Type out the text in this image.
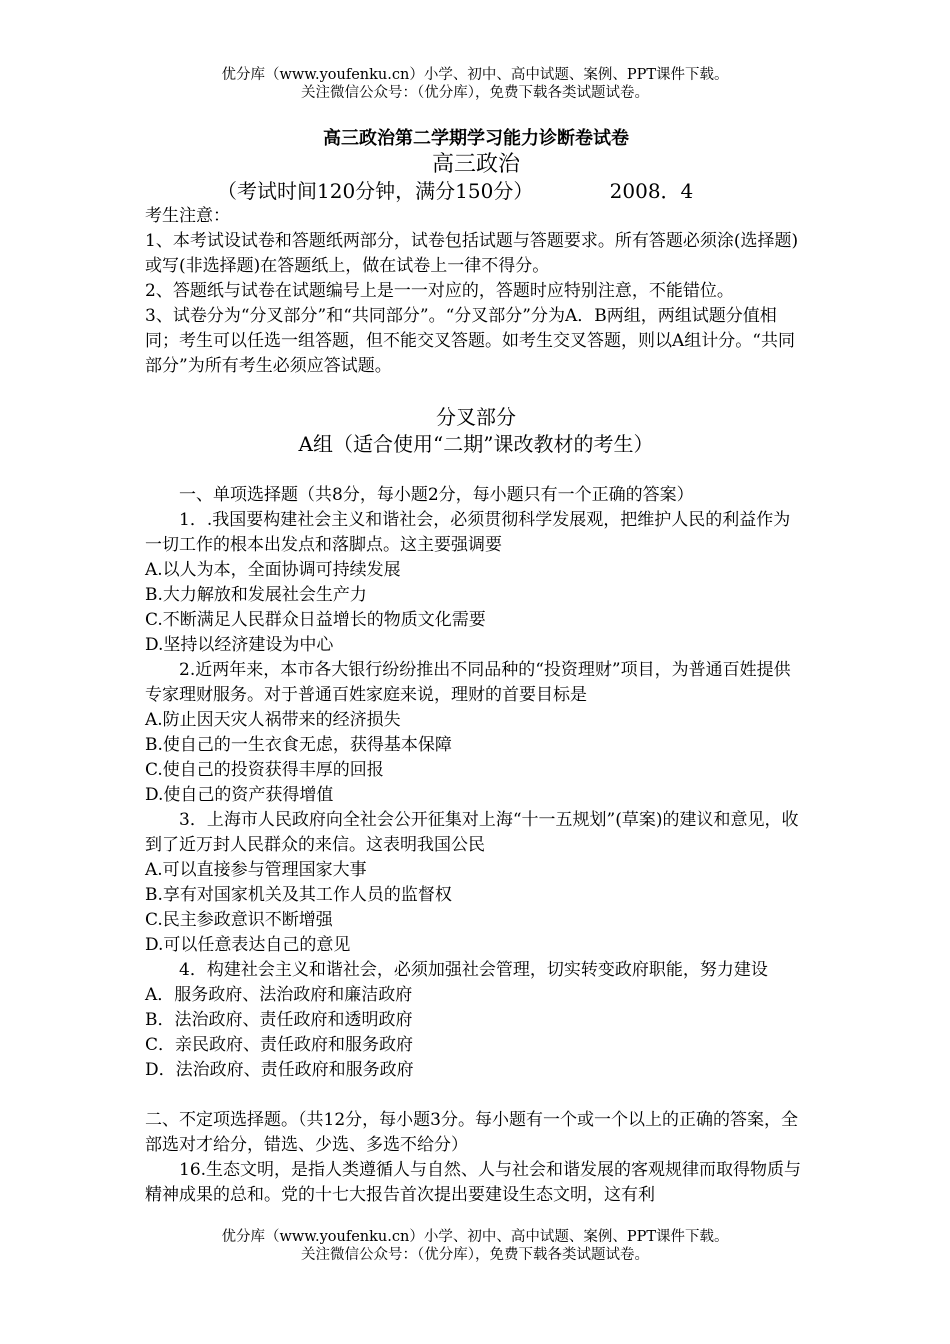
优分库（www.youfenku.cn）小学、初中、高中试题、案例、PPT课件下载。
关注微信公众号：（优分库），免费下载各类试题试卷。
高三政治第二学期学习能力诊断卷试卷
高三政治
（考试时间120分钟，满分150分）	2008．4
考生注意：
1、本考试设试卷和答题纸两部分，试卷包括试题与答题要求。所有答题必须涂(选择题)或写(非选择题)在答题纸上，做在试卷上一律不得分。
2、答题纸与试卷在试题编号上是一一对应的，答题时应特别注意，不能错位。
3、试卷分为“分叉部分”和“共同部分”。“分叉部分”分为A．B两组，两组试题分值相同；考生可以任选一组答题，但不能交叉答题。如考生交叉答题，则以A组计分。“共同部分”为所有考生必须应答试题。
分叉部分
A组（适合使用“二期”课改教材的考生）
一、单项选择题（共8分，每小题2分，每小题只有一个正确的答案）
1．.我国要构建社会主义和谐社会，必须贯彻科学发展观，把维护人民的利益作为一切工作的根本出发点和落脚点。这主要强调要
A.以人为本，全面协调可持续发展
B.大力解放和发展社会生产力
C.不断满足人民群众日益增长的物质文化需要
D.坚持以经济建设为中心
2.近两年来，本市各大银行纷纷推出不同品种的“投资理财”项目，为普通百姓提供专家理财服务。对于普通百姓家庭来说，理财的首要目标是
A.防止因天灾人祸带来的经济损失
B.使自己的一生衣食无虑，获得基本保障
C.使自己的投资获得丰厚的回报
D.使自己的资产获得增值
3．上海市人民政府向全社会公开征集对上海“十一五规划”(草案)的建议和意见，收到了近万封人民群众的来信。这表明我国公民
A.可以直接参与管理国家大事
B.享有对国家机关及其工作人员的监督权
C.民主参政意识不断增强
D.可以任意表达自己的意见
4．构建社会主义和谐社会，必须加强社会管理，切实转变政府职能，努力建设
A．服务政府、法治政府和廉洁政府
B．法治政府、责任政府和透明政府
C．亲民政府、责任政府和服务政府
D．法治政府、责任政府和服务政府
二、不定项选择题。（共12分，每小题3分。每小题有一个或一个以上的正确的答案，全部选对才给分，错选、少选、多选不给分）
16.生态文明，是指人类遵循人与自然、人与社会和谐发展的客观规律而取得物质与精神成果的总和。党的十七大报告首次提出要建设生态文明，这有利
优分库（www.youfenku.cn）小学、初中、高中试题、案例、PPT课件下载。
关注微信公众号：（优分库），免费下载各类试题试卷。
